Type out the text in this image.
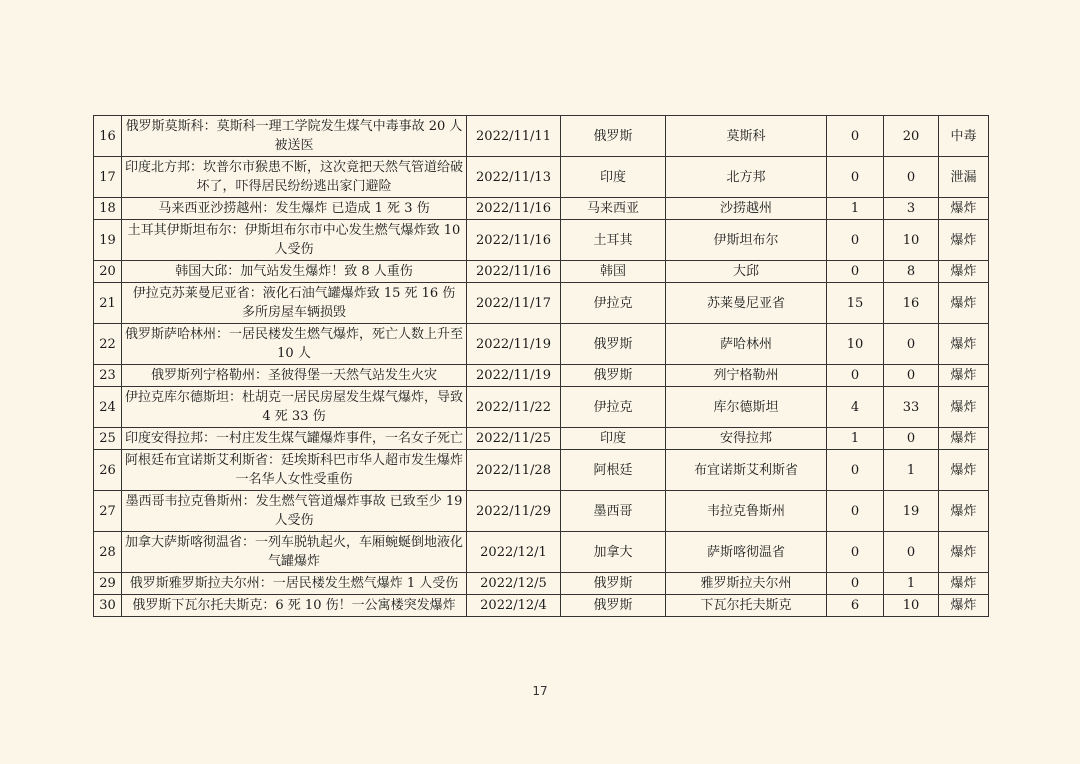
16	俄罗斯莫斯科：莫斯科一理工学院发生煤气中毒事故 20 人被送医	2022/11/11	俄罗斯	莫斯科	0	20	中毒
17	印度北方邦：坎普尔市猴患不断，这次竟把天然气管道给破坏了，吓得居民纷纷逃出家门避险	2022/11/13	印度	北方邦	0	0	泄漏
18	马来西亚沙捞越州：发生爆炸 已造成 1 死 3 伤	2022/11/16	马来西亚	沙捞越州	1	3	爆炸
19	土耳其伊斯坦布尔：伊斯坦布尔市中心发生燃气爆炸致 10 人受伤	2022/11/16	土耳其	伊斯坦布尔	0	10	爆炸
20	韩国大邱：加气站发生爆炸！致 8 人重伤	2022/11/16	韩国	大邱	0	8	爆炸
21	伊拉克苏莱曼尼亚省：液化石油气罐爆炸致 15 死 16 伤 多所房屋车辆损毁	2022/11/17	伊拉克	苏莱曼尼亚省	15	16	爆炸
22	俄罗斯萨哈林州：一居民楼发生燃气爆炸，死亡人数上升至 10 人	2022/11/19	俄罗斯	萨哈林州	10	0	爆炸
23	俄罗斯列宁格勒州：圣彼得堡一天然气站发生火灾	2022/11/19	俄罗斯	列宁格勒州	0	0	爆炸
24	伊拉克库尔德斯坦：杜胡克一居民房屋发生煤气爆炸，导致 4 死 33 伤	2022/11/22	伊拉克	库尔德斯坦	4	33	爆炸
25	印度安得拉邦：一村庄发生煤气罐爆炸事件，一名女子死亡	2022/11/25	印度	安得拉邦	1	0	爆炸
26	阿根廷布宜诺斯艾利斯省：廷埃斯科巴市华人超市发生爆炸一名华人女性受重伤	2022/11/28	阿根廷	布宜诺斯艾利斯省	0	1	爆炸
27	墨西哥韦拉克鲁斯州：发生燃气管道爆炸事故 已致至少 19 人受伤	2022/11/29	墨西哥	韦拉克鲁斯州	0	19	爆炸
28	加拿大萨斯喀彻温省：一列车脱轨起火，车厢蜿蜒倒地液化气罐爆炸	2022/12/1	加拿大	萨斯喀彻温省	0	0	爆炸
29	俄罗斯雅罗斯拉夫尔州：一居民楼发生燃气爆炸 1 人受伤	2022/12/5	俄罗斯	雅罗斯拉夫尔州	0	1	爆炸
30	俄罗斯下瓦尔托夫斯克：6 死 10 伤！一公寓楼突发爆炸	2022/12/4	俄罗斯	下瓦尔托夫斯克	6	10	爆炸
17
